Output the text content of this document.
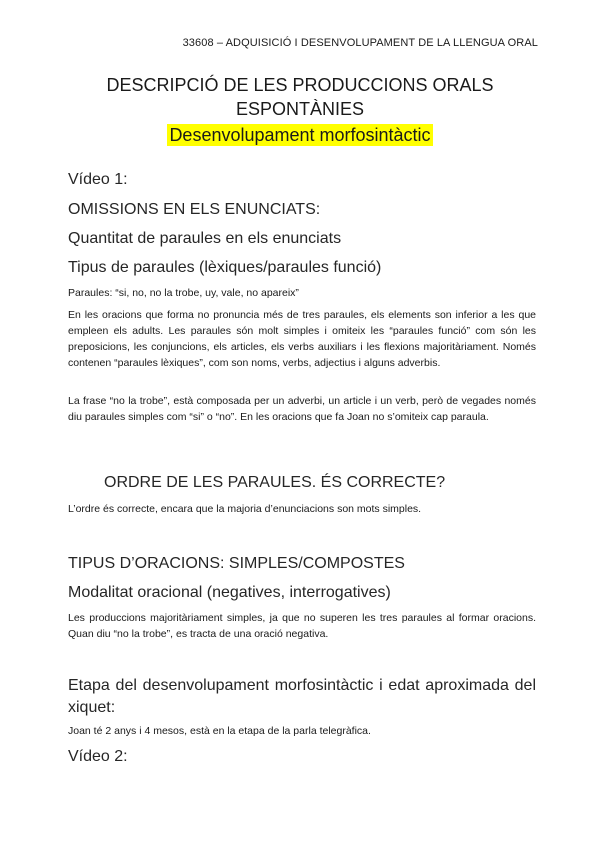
33608 – ADQUISICIÓ I DESENVOLUPAMENT DE LA LLENGUA ORAL
DESCRIPCIÓ DE LES PRODUCCIONS ORALS
ESPONTÀNIES
Desenvolupament morfosintàctic
Vídeo 1:
OMISSIONS EN ELS ENUNCIATS:
Quantitat de paraules en els enunciats
Tipus de paraules (lèxiques/paraules funció)
Paraules: “si, no, no la trobe, uy, vale, no apareix”
En les oracions que forma no pronuncia més de tres paraules, els elements son inferior a les que empleen els adults. Les paraules són molt simples i omiteix les “paraules funció” com són les preposicions, les conjuncions, els articles, els verbs auxiliars i les flexions majoritàriament. Només contenen “paraules lèxiques”, com son noms, verbs, adjectius i alguns adverbis.
La frase “no la trobe”, està composada per un adverbi, un article i un verb, però de vegades només diu paraules simples com “si” o “no”. En les oracions que fa Joan no s’omiteix cap paraula.
ORDRE DE LES PARAULES. ÉS CORRECTE?
L’ordre és correcte, encara que la majoria d’enunciacions son mots simples.
TIPUS D’ORACIONS: SIMPLES/COMPOSTES
Modalitat oracional (negatives, interrogatives)
Les produccions majoritàriament simples, ja que no superen les tres paraules al formar oracions. Quan diu “no la trobe”, es tracta de una oració negativa.
Etapa del desenvolupament morfosintàctic i edat aproximada del xiquet:
Joan té 2 anys i 4 mesos, està en la etapa de la parla telegràfica.
Vídeo 2:
